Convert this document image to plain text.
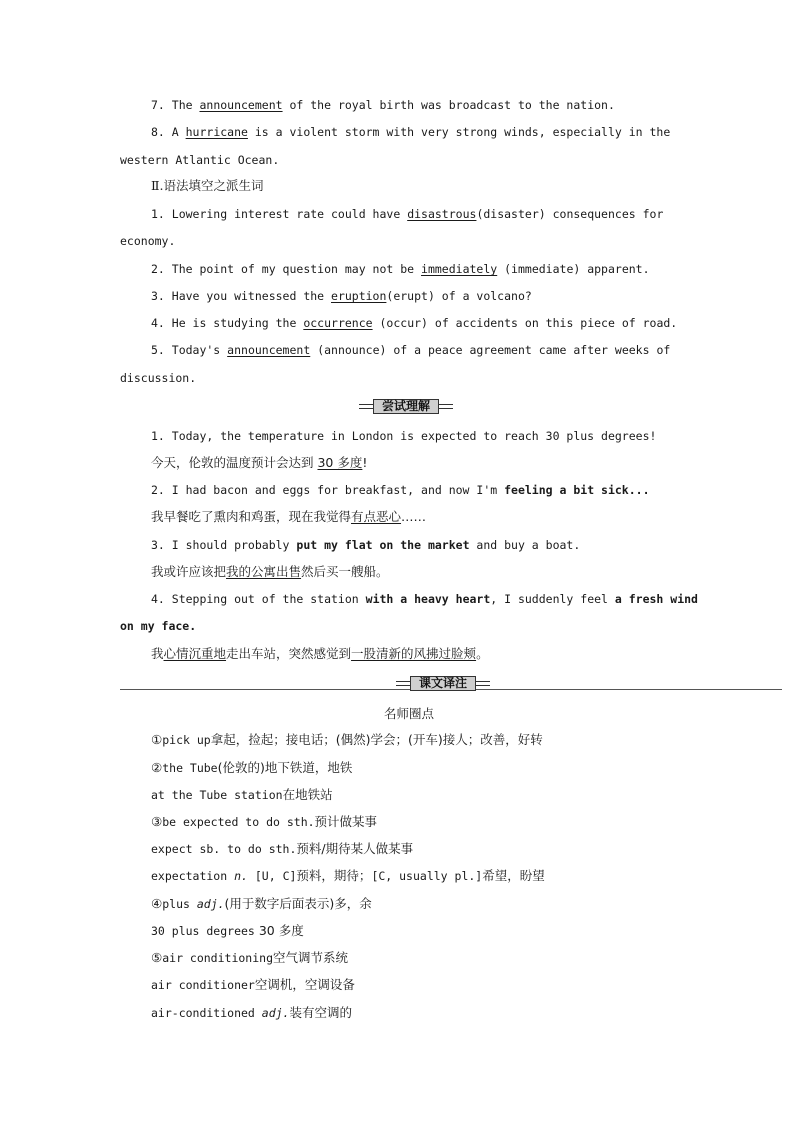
7. The announcement of the royal birth was broadcast to the nation.
8. A hurricane is a violent storm with very strong winds, especially in the
western Atlantic Ocean.
Ⅱ.语法填空之派生词
1. Lowering interest rate could have disastrous(disaster) consequences for
economy.
2. The point of my question may not be immediately (immediate) apparent.
3. Have you witnessed the eruption(erupt) of a volcano?
4. He is studying the occurrence (occur) of accidents on this piece of road.
5. Today's announcement (announce) of a peace agreement came after weeks of
discussion.
尝试理解
1. Today, the temperature in London is expected to reach 30 plus degrees!
今天，伦敦的温度预计会达到 30 多度!
2. I had bacon and eggs for breakfast, and now I'm feeling a bit sick...
我早餐吃了熏肉和鸡蛋，现在我觉得有点恶心……
3. I should probably put my flat on the market and buy a boat.
我或许应该把我的公寓出售然后买一艘船。
4. Stepping out of the station with a heavy heart, I suddenly feel a fresh wind
on my face.
我心情沉重地走出车站，突然感觉到一股清新的风拂过脸颊。
课文译注
名师圈点
①pick up拿起，捡起；接电话；(偶然)学会；(开车)接人；改善，好转
②the Tube(伦敦的)地下铁道，地铁
at the Tube station在地铁站
③be expected to do sth.预计做某事
expect sb. to do sth.预料/期待某人做某事
expectation n. [U, C]预料，期待；[C, usually pl.]希望，盼望
④plus adj.(用于数字后面表示)多，余
30 plus degrees 30 多度
⑤air conditioning空气调节系统
air conditioner空调机，空调设备
air-conditioned adj.装有空调的
